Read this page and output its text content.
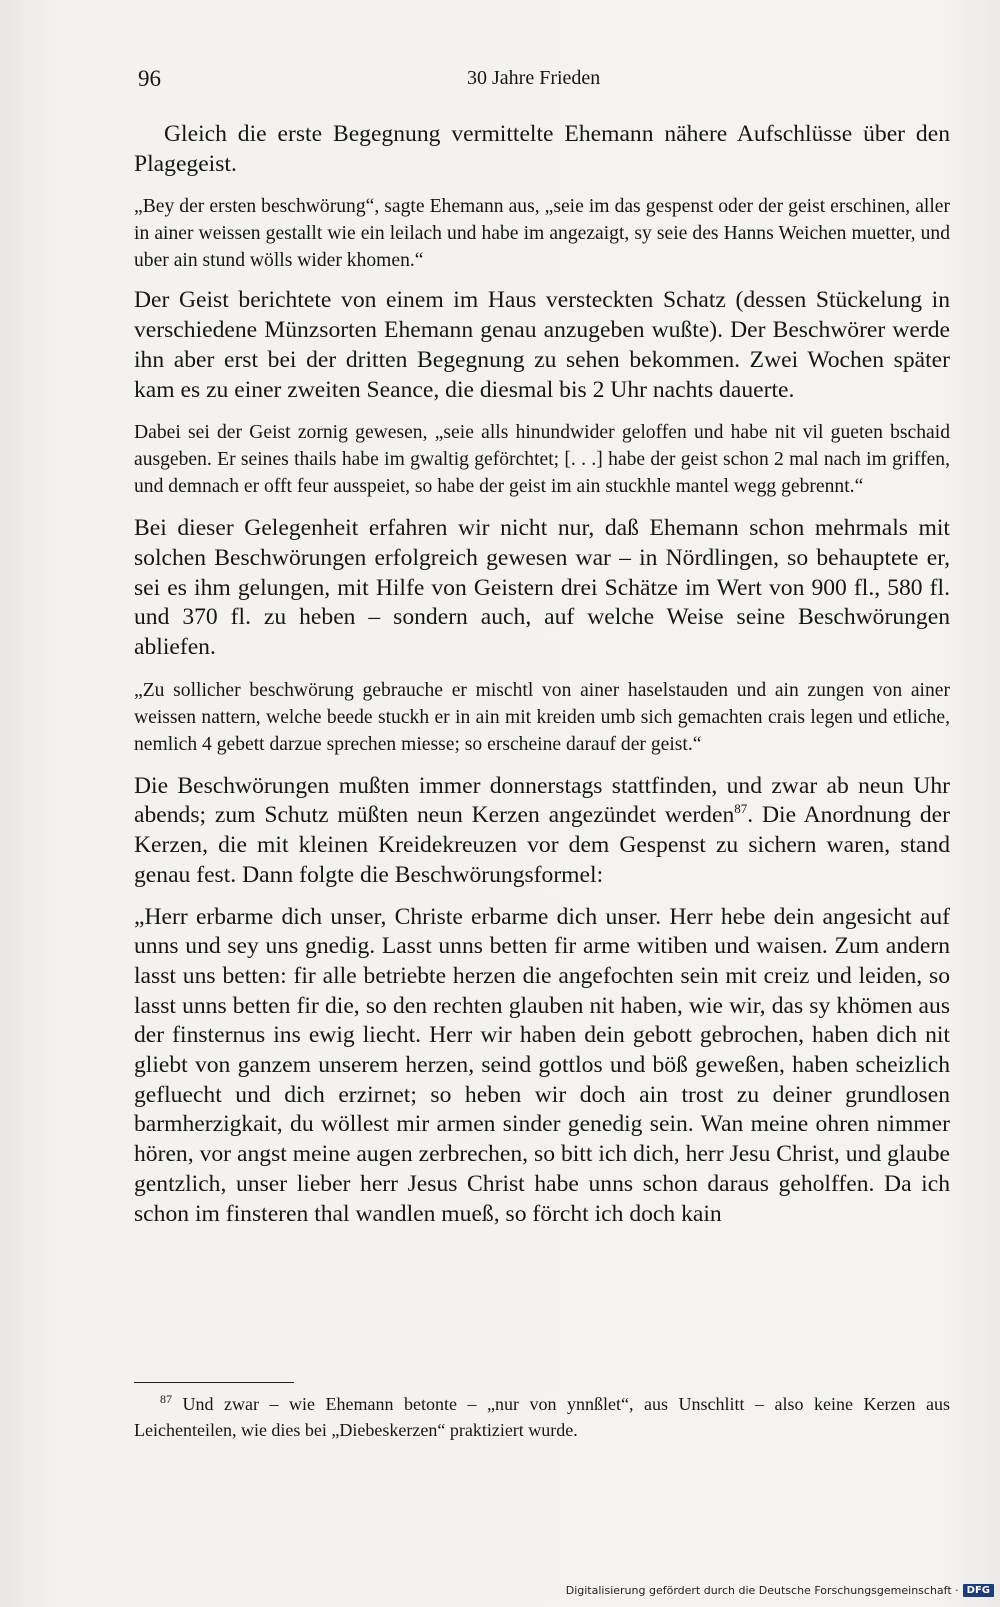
96	30 Jahre Frieden

Gleich die erste Begegnung vermittelte Ehemann nähere Aufschlüsse über den Plagegeist.

„Bey der ersten beschwörung“, sagte Ehemann aus, „seie im das gespenst oder der geist erschinen, aller in ainer weissen gestallt wie ein leilach und habe im angezaigt, sy seie des Hanns Weichen muetter, und uber ain stund wölls wider khomen.“

Der Geist berichtete von einem im Haus versteckten Schatz (dessen Stückelung in verschiedene Münzsorten Ehemann genau anzugeben wußte). Der Beschwörer werde ihn aber erst bei der dritten Begegnung zu sehen bekommen. Zwei Wochen später kam es zu einer zweiten Seance, die diesmal bis 2 Uhr nachts dauerte.

Dabei sei der Geist zornig gewesen, „seie alls hinundwider geloffen und habe nit vil gueten bschaid ausgeben. Er seines thails habe im gwaltig geförchtet; [. . .] habe der geist schon 2 mal nach im griffen, und demnach er offt feur ausspeiet, so habe der geist im ain stuckhle mantel wegg gebrennt.“

Bei dieser Gelegenheit erfahren wir nicht nur, daß Ehemann schon mehrmals mit solchen Beschwörungen erfolgreich gewesen war – in Nördlingen, so behauptete er, sei es ihm gelungen, mit Hilfe von Geistern drei Schätze im Wert von 900 fl., 580 fl. und 370 fl. zu heben – sondern auch, auf welche Weise seine Beschwörungen abliefen.

„Zu sollicher beschwörung gebrauche er mischtl von ainer haselstauden und ain zungen von ainer weissen nattern, welche beede stuckh er in ain mit kreiden umb sich gemachten crais legen und etliche, nemlich 4 gebett darzue sprechen miesse; so erscheine darauf der geist.“

Die Beschwörungen mußten immer donnerstags stattfinden, und zwar ab neun Uhr abends; zum Schutz müßten neun Kerzen angezündet werden$^{87}$. Die Anordnung der Kerzen, die mit kleinen Kreidekreuzen vor dem Gespenst zu sichern waren, stand genau fest. Dann folgte die Beschwörungsformel:

„Herr erbarme dich unser, Christe erbarme dich unser. Herr hebe dein angesicht auf unns und sey uns gnedig. Lasst unns betten fir arme witiben und waisen. Zum andern lasst uns betten: fir alle betriebte herzen die angefochten sein mit creiz und leiden, so lasst unns betten fir die, so den rechten glauben nit haben, wie wir, das sy khömen aus der finsternus ins ewig liecht. Herr wir haben dein gebott gebrochen, haben dich nit gliebt von ganzem unserem herzen, seind gottlos und böß geweßen, haben scheizlich gefluecht und dich erzirnet; so heben wir doch ain trost zu deiner grundlosen barmherzigkait, du wöllest mir armen sinder genedig sein. Wan meine ohren nimmer hören, vor angst meine augen zerbrechen, so bitt ich dich, herr Jesu Christ, und glaube gentzlich, unser lieber herr Jesus Christ habe unns schon daraus geholffen. Da ich schon im finsteren thal wandlen mueß, so förcht ich doch kain

$^{87}$ Und zwar – wie Ehemann betonte – „nur von ynnßlet“, aus Unschlitt – also keine Kerzen aus Leichenteilen, wie dies bei „Diebeskerzen“ praktiziert wurde.
Digitalisierung gefördert durch die Deutsche Forschungsgemeinschaft · DFG
